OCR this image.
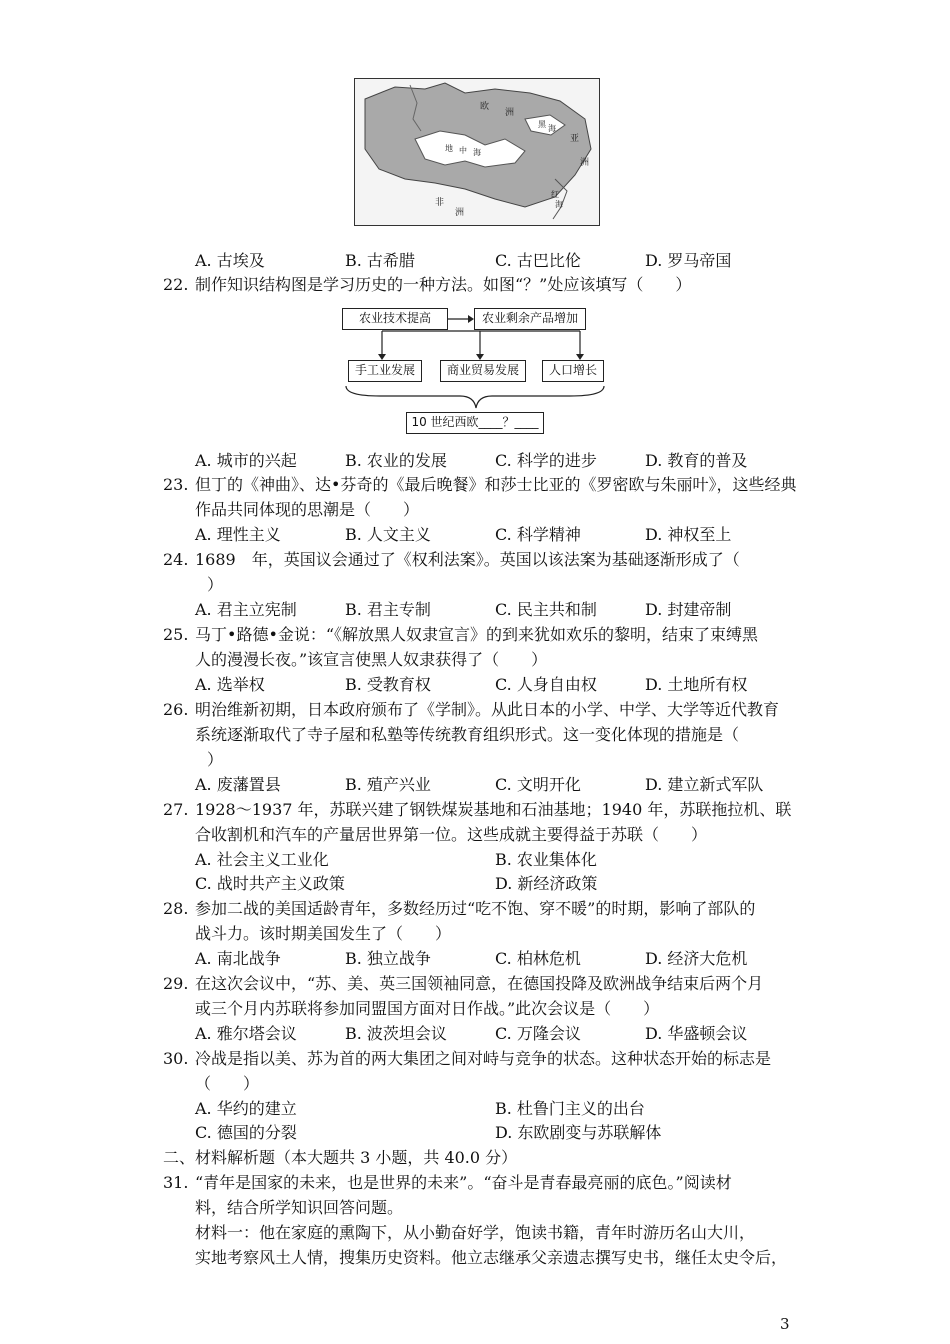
欧
洲
亚
洲
非
洲
黑 海
地 中 海
红
海
A. 古埃及	B. 古希腊	C. 古巴比伦	D. 罗马帝国
22. 制作知识结构图是学习历史的一种方法。如图“？”处应该填写（　　）
农业技术提高	农业剩余产品增加
手工业发展	商业贸易发展	人口增长
10 世纪西欧____？____
A. 城市的兴起	B. 农业的发展	C. 科学的进步	D. 教育的普及
23. 但丁的《神曲》、达•芬奇的《最后晚餐》和莎士比亚的《罗密欧与朱丽叶》，这些经典
作品共同体现的思潮是（　　）
A. 理性主义	B. 人文主义	C. 科学精神	D. 神权至上
24. 1689　年，英国议会通过了《权利法案》。英国以该法案为基础逐渐形成了（
）
A. 君主立宪制	B. 君主专制	C. 民主共和制	D. 封建帝制
25. 马丁•路德•金说：“《解放黑人奴隶宣言》的到来犹如欢乐的黎明，结束了束缚黑
人的漫漫长夜。”该宣言使黑人奴隶获得了（　　）
A. 选举权	B. 受教育权	C. 人身自由权	D. 土地所有权
26. 明治维新初期，日本政府颁布了《学制》。从此日本的小学、中学、大学等近代教育
系统逐渐取代了寺子屋和私塾等传统教育组织形式。这一变化体现的措施是（
）
A. 废藩置县	B. 殖产兴业	C. 文明开化	D. 建立新式军队
27. 1928～1937 年，苏联兴建了钢铁煤炭基地和石油基地；1940 年，苏联拖拉机、联
合收割机和汽车的产量居世界第一位。这些成就主要得益于苏联（　　）
A. 社会主义工业化	B. 农业集体化
C. 战时共产主义政策	D. 新经济政策
28. 参加二战的美国适龄青年，多数经历过“吃不饱、穿不暖”的时期，影响了部队的
战斗力。该时期美国发生了（　　）
A. 南北战争	B. 独立战争	C. 柏林危机	D. 经济大危机
29. 在这次会议中，“苏、美、英三国领袖同意，在德国投降及欧洲战争结束后两个月
或三个月内苏联将参加同盟国方面对日作战。”此次会议是（　　）
A. 雅尔塔会议	B. 波茨坦会议	C. 万隆会议	D. 华盛顿会议
30. 冷战是指以美、苏为首的两大集团之间对峙与竞争的状态。这种状态开始的标志是
（　　）
A. 华约的建立	B. 杜鲁门主义的出台
C. 德国的分裂	D. 东欧剧变与苏联解体
二、材料解析题（本大题共 3 小题，共 40.0 分）
31. “青年是国家的未来，也是世界的未来”。“奋斗是青春最亮丽的底色。”阅读材
料，结合所学知识回答问题。
材料一：他在家庭的熏陶下，从小勤奋好学，饱读书籍，青年时游历名山大川，
实地考察风土人情，搜集历史资料。他立志继承父亲遗志撰写史书，继任太史令后，
3
